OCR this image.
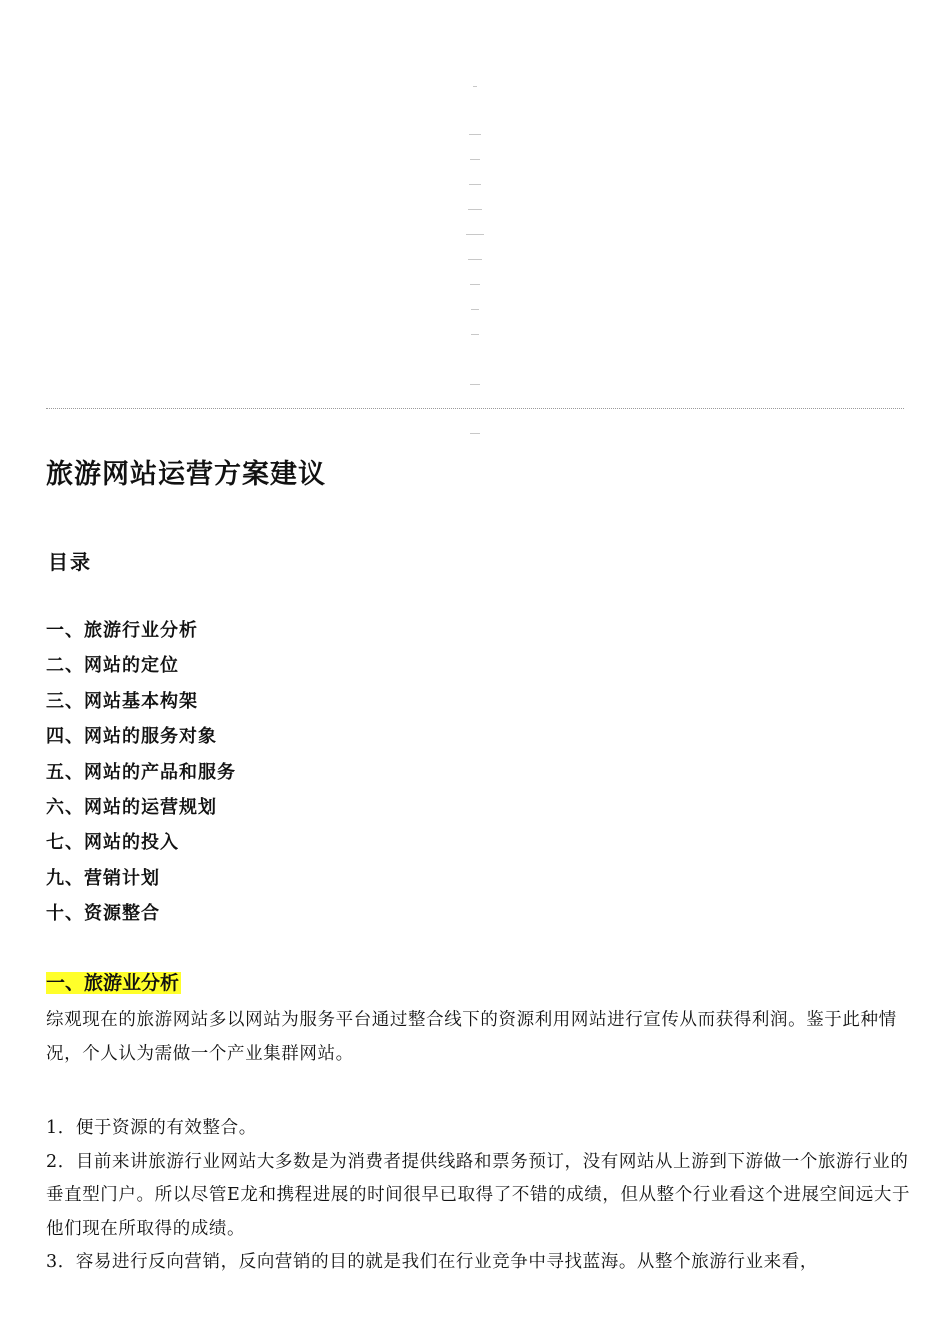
旅游网站运营方案建议
目录
一、旅游行业分析
二、网站的定位
三、网站基本构架
四、网站的服务对象
五、网站的产品和服务
六、网站的运营规划
七、网站的投入
九、营销计划
十、资源整合
一、旅游业分析

综观现在的旅游网站多以网站为服务平台通过整合线下的资源利用网站进行宣传从而获得利润。鉴于此种情况，个人认为需做一个产业集群网站。

1．便于资源的有效整合。
2．目前来讲旅游行业网站大多数是为消费者提供线路和票务预订，没有网站从上游到下游做一个旅游行业的垂直型门户。所以尽管E龙和携程进展的时间很早已取得了不错的成绩，但从整个行业看这个进展空间远大于他们现在所取得的成绩。
3．容易进行反向营销，反向营销的目的就是我们在行业竞争中寻找蓝海。从整个旅游行业来看，
